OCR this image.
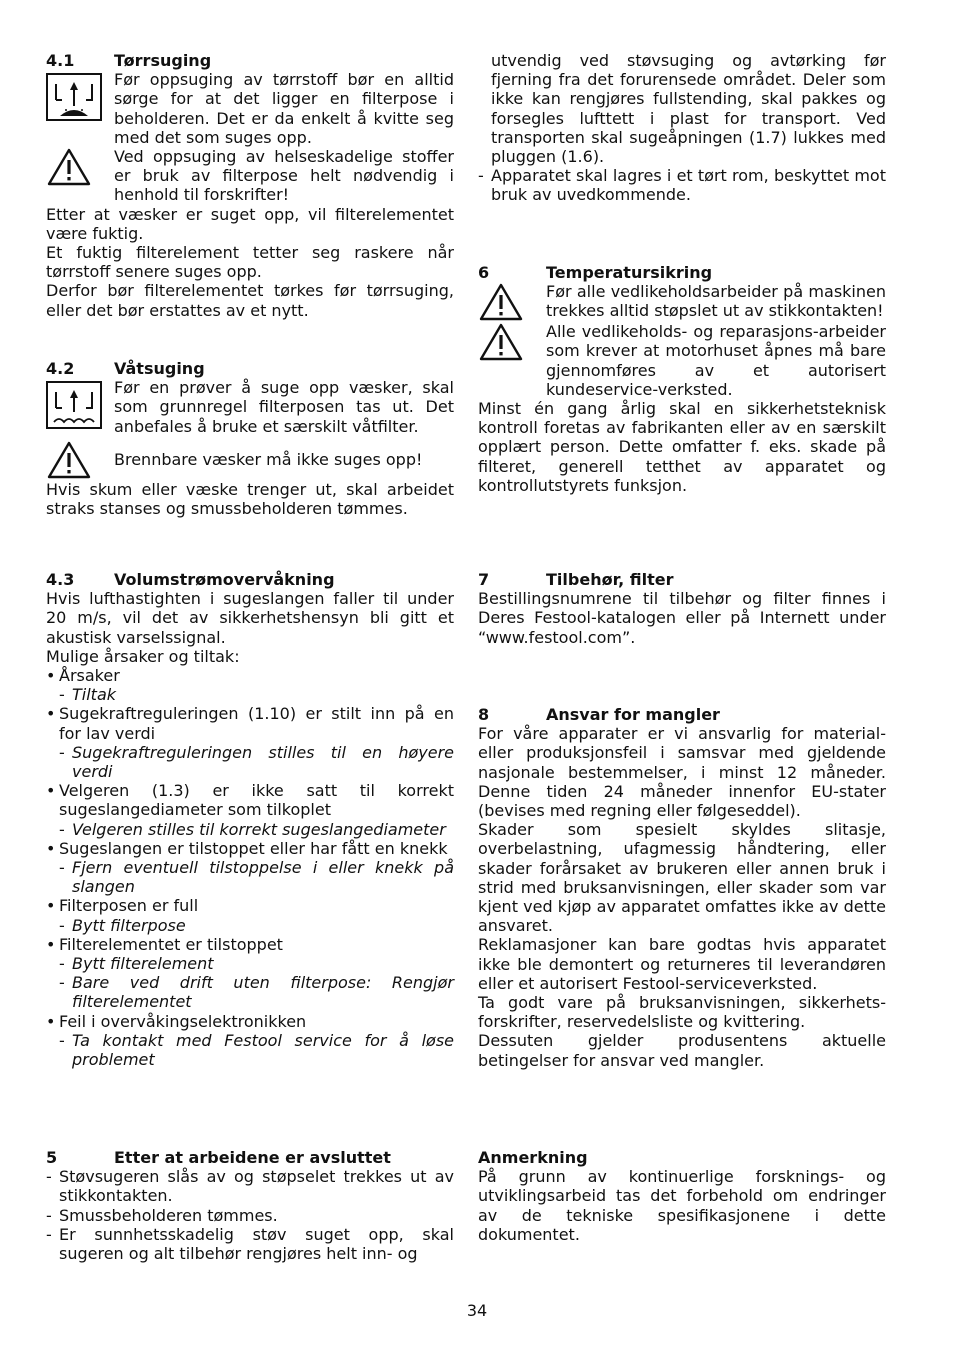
4.1	Tørrsuging

Før oppsuging av tørrstoff bør en alltid sørge for at det ligger en filterpose i beholderen. Det er da enkelt å kvitte seg med det som suges opp.

Ved oppsuging av helseskadelige stoffer er bruk av filterpose helt nødvendig i henhold til forskrifter!

Etter at væsker er suget opp, vil filterelementet være fuktig.

Et fuktig filterelement tetter seg raskere når tørrstoff senere suges opp.

Derfor bør filterelementet tørkes før tørrsuging, eller det bør erstattes av et nytt.

4.2	Våtsuging

Før en prøver å suge opp væsker, skal som grunnregel filterposen tas ut. Det anbefales å bruke et særskilt våtfilter.

Brennbare væsker må ikke suges opp!

Hvis skum eller væske trenger ut, skal arbeidet straks stanses og smussbeholderen tømmes.

4.3	Volumstrømovervåkning

Hvis lufthastighten i sugeslangen faller til under 20 m/s, vil det av sikkerhetshensyn bli gitt et akustisk varselssignal.

Mulige årsaker og tiltak:

• Årsaker

- Tiltak

• Sugekraftreguleringen (1.10) er stilt inn på en for lav verdi

- Sugekraftreguleringen stilles til en høyere verdi

• Velgeren (1.3) er ikke satt til korrekt sugeslangediameter som tilkoplet

- Velgeren stilles til korrekt sugeslangediameter

• Sugeslangen er tilstoppet eller har fått en knekk

- Fjern eventuell tilstoppelse i eller knekk på slangen

• Filterposen er full

- Bytt filterpose

• Filterelementet er tilstoppet

- Bytt filterelement

- Bare ved drift uten filterpose: Rengjør filterelementet

• Feil i overvåkingselektronikken

- Ta kontakt med Festool service for å løse problemet

5	Etter at arbeidene er avsluttet
- Støvsugeren slås av og støpselet trekkes ut av stikkontakten.

- Smussbeholderen tømmes.

- Er sunnhetsskadelig støv suget opp, skal sugeren og alt tilbehør rengjøres helt inn- og

utvendig ved støvsuging og avtørking før fjerning fra det forurensede området. Deler som ikke kan rengjøres fullstending, skal pakkes og forsegles lufttett i plast for transport. Ved transporten skal sugeåpningen (1.7) lukkes med pluggen (1.6).

- Apparatet skal lagres i et tørt rom, beskyttet mot bruk av uvedkommende.

6	Temperatursikring

Før alle vedlikeholdsarbeider på maskinen trekkes alltid støpslet ut av stikkontakten!

Alle vedlikeholds- og reparasjons-arbeider som krever at motorhuset åpnes må bare gjennomføres av et autorisert kundeservice-verksted.

Minst én gang årlig skal en sikkerhetsteknisk kontroll foretas av fabrikanten eller av en særskilt opplært person. Dette omfatter f. eks. skade på filteret, generell tetthet av apparatet og kontrollutstyrets funksjon.

7	Tilbehør, filter

Bestillingsnumrene til tilbehør og filter finnes i Deres Festool-katalogen eller på Internett under “www.festool.com”.

8	Ansvar for mangler

For våre apparater er vi ansvarlig for material-eller produksjonsfeil i samsvar med gjeldende nasjonale bestemmelser, i minst 12 måneder. Denne tiden 24 måneder innenfor EU-stater (bevises med regning eller følgeseddel).

Skader som spesielt skyldes slitasje, overbelastning, ufagmessig håndtering, eller skader forårsaket av brukeren eller annen bruk i strid med bruksanvisningen, eller skader som var kjent ved kjøp av apparatet omfattes ikke av dette ansvaret.

Reklamasjoner kan bare godtas hvis apparatet ikke ble demontert og returneres til leverandøren eller et autorisert Festool-serviceverksted.

Ta godt vare på bruksanvisningen, sikkerhets-forskrifter, reservedelsliste og kvittering.

Dessuten gjelder produsentens aktuelle betingelser for ansvar ved mangler.

Anmerkning

På grunn av kontinuerlige forsknings- og utviklingsarbeid tas det forbehold om endringer av de tekniske spesifikasjonene i dette dokumentet.

34
